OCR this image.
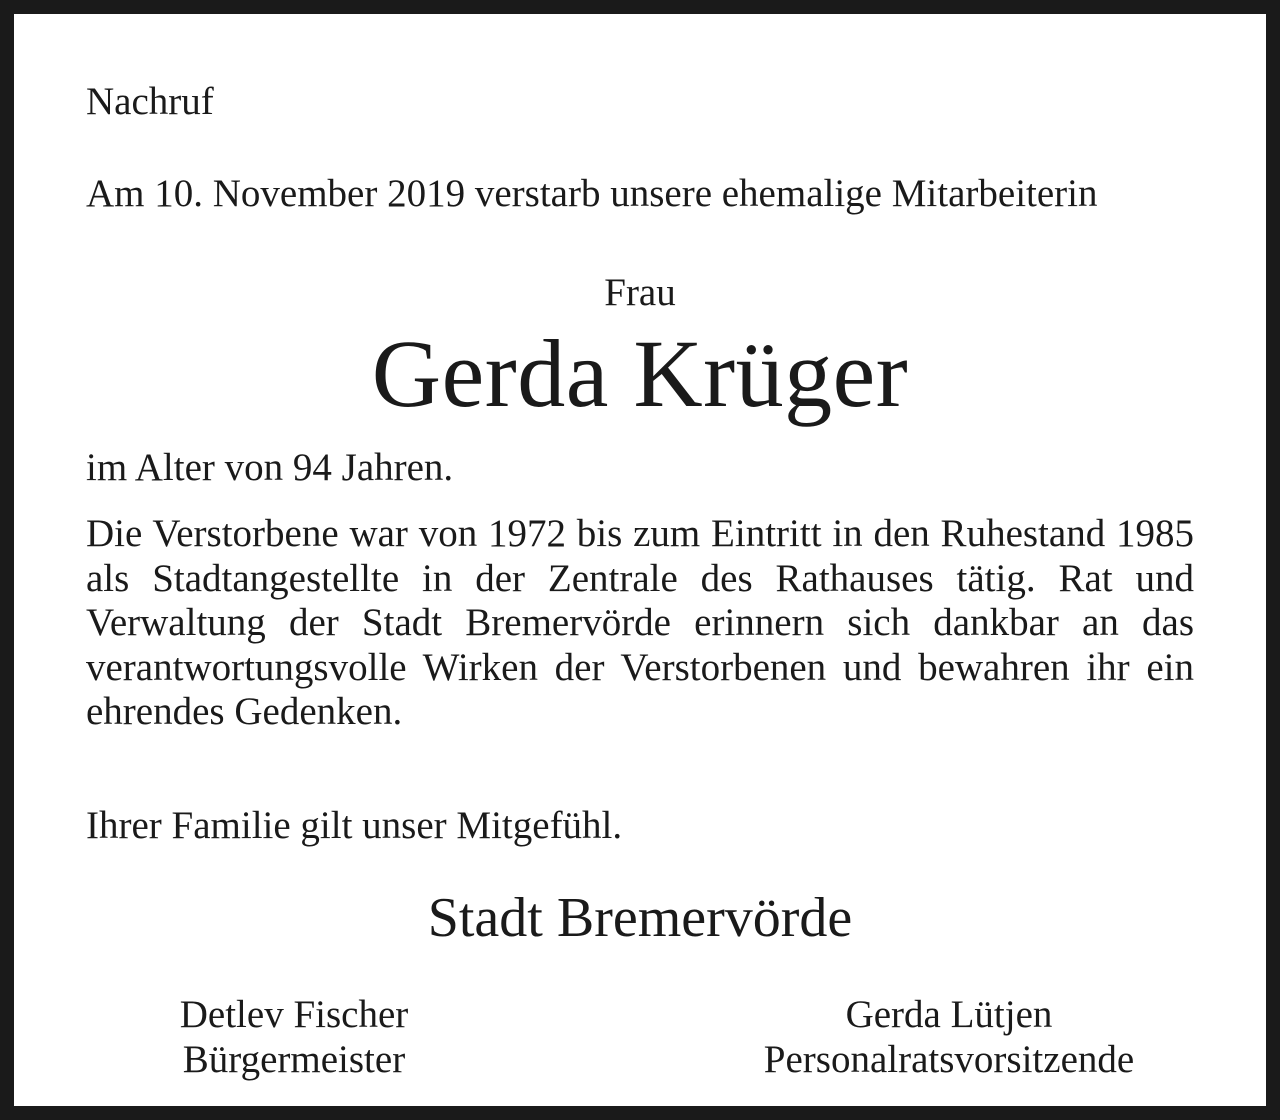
Nachruf

Am 10. November 2019 verstarb unsere ehemalige Mitarbeiterin

Frau

Gerda Krüger

im Alter von 94 Jahren.

Die Verstorbene war von 1972 bis zum Eintritt in den Ruhestand 1985 als Stadtangestellte in der Zentrale des Rathauses tätig. Rat und Verwaltung der Stadt Bremervörde erinnern sich dankbar an das verantwortungsvolle Wirken der Verstorbenen und bewahren ihr ein ehrendes Gedenken.

Ihrer Familie gilt unser Mitgefühl.

Stadt Bremervörde

Detlev Fischer
Bürgermeister
Gerda Lütjen
Personalratsvorsitzende
